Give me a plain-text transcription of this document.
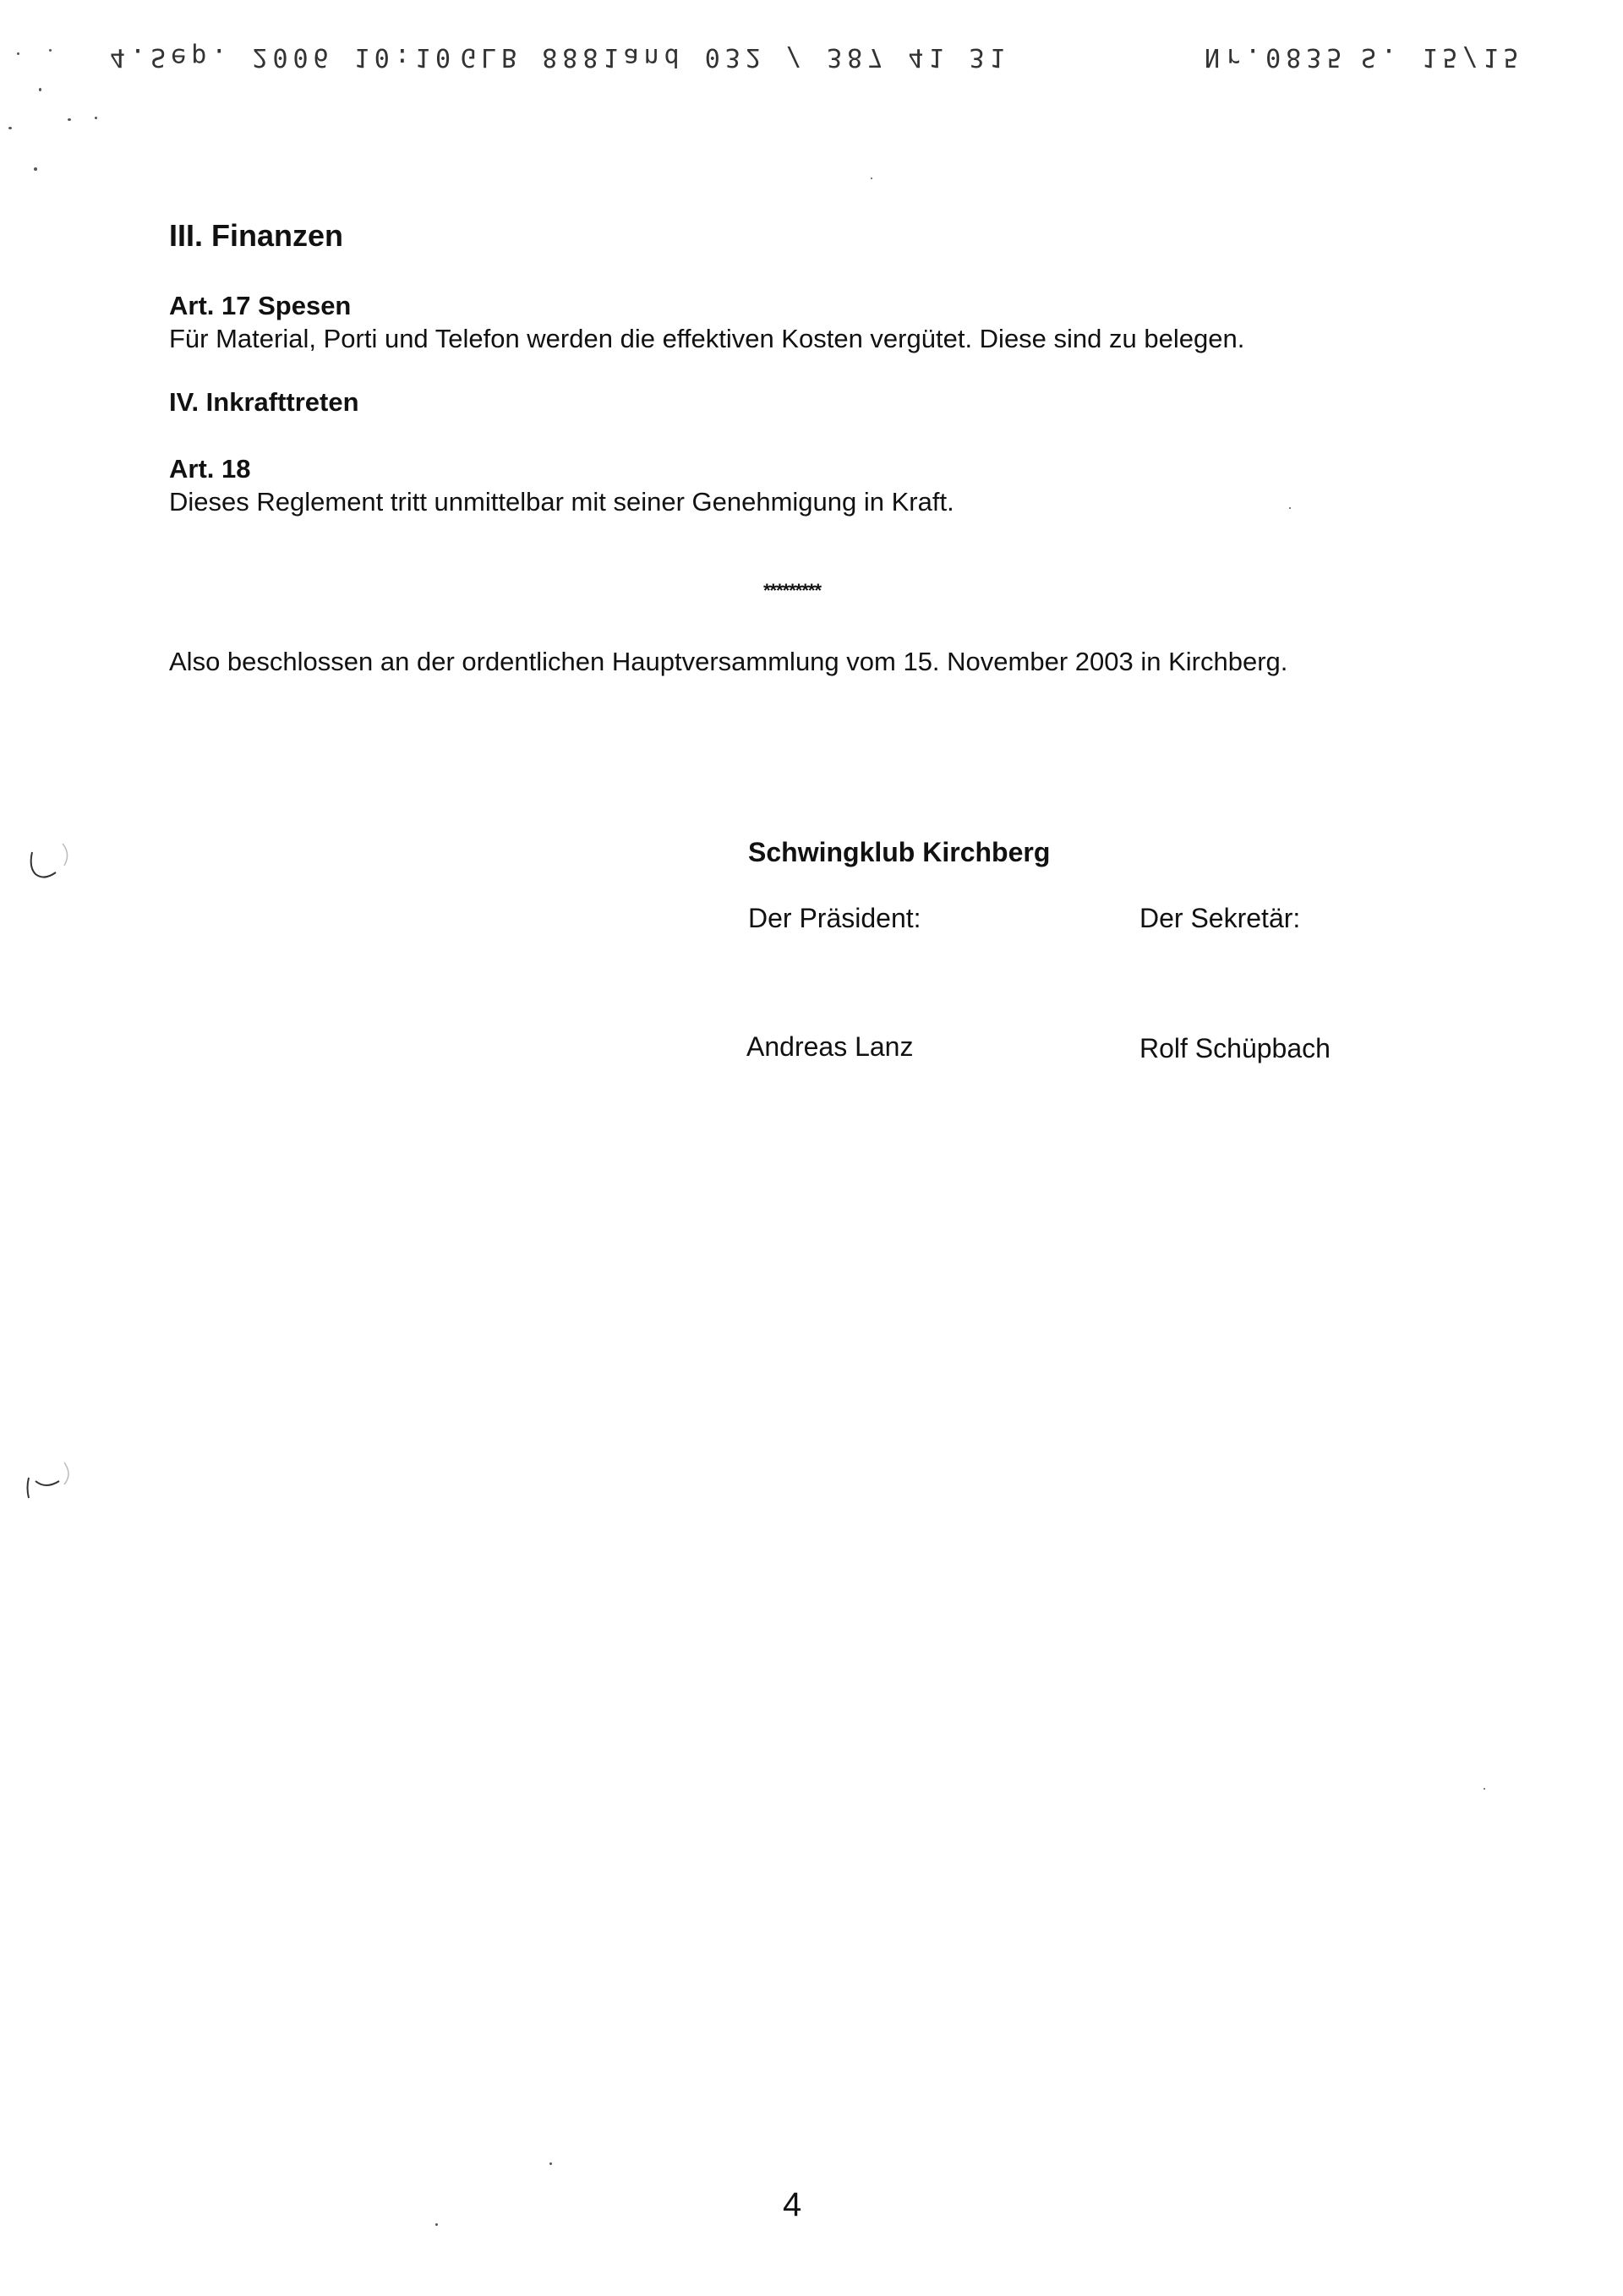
4.Sep. 2006 10:10 GLB 8881and 032 / 387 41 31	Nr.0835 S. 15/15
III. Finanzen
Art. 17 Spesen
Für Material, Porti und Telefon werden die effektiven Kosten vergütet. Diese sind zu belegen.
IV. Inkrafttreten
Art. 18
Dieses Reglement tritt unmittelbar mit seiner Genehmigung in Kraft.
*********
Also beschlossen an der ordentlichen Hauptversammlung vom 15. November 2003 in Kirchberg.
Schwingklub Kirchberg
Der Präsident:	Der Sekretär:
Andreas Lanz	Rolf Schüpbach
4
